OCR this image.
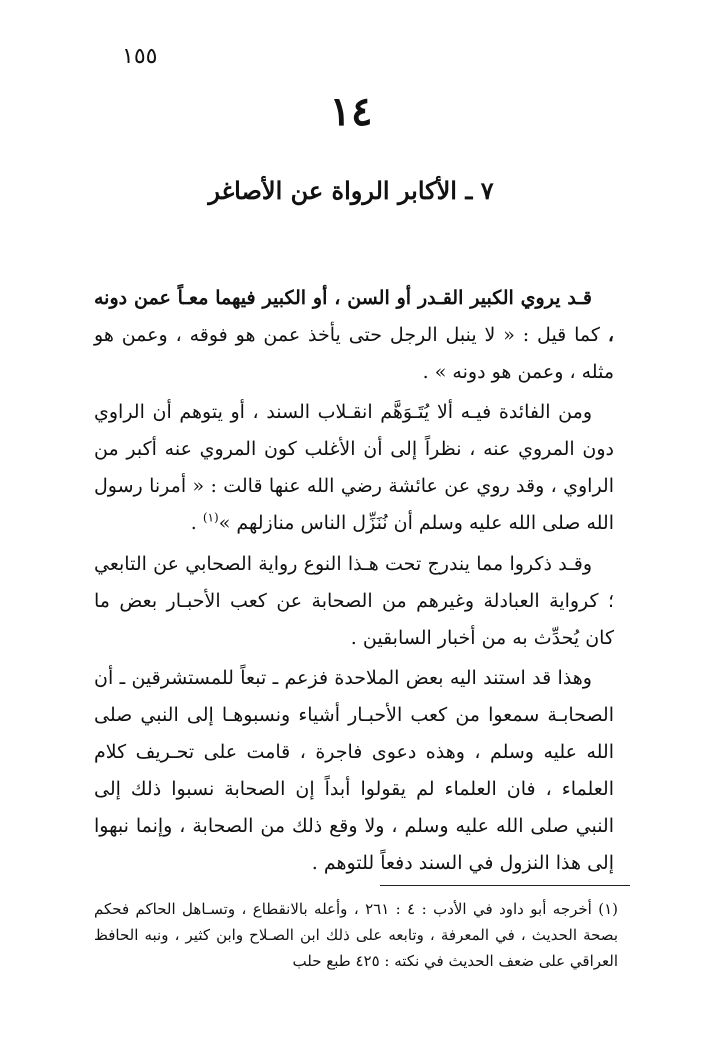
١٥٥
١٤
٧ ـ الأكابر الرواة عن الأصاغر

قـد يروي الكبير القـدر أو السن ، أو الكبير فيهما معـاً عمن دونه ، كما قيل : « لا ينبل الرجل حتى يأخذ عمن هو فوقه ، وعمن هو مثله ، وعمن هو دونه » .

ومن الفائدة فيـه ألا يُتَـوَهَّم انقـلاب السند ، أو يتوهم أن الراوي دون المروي عنه ، نظراً إلى أن الأغلب كون المروي عنه أكبر من الراوي ، وقد روي عن عائشة رضي الله عنها قالت : « أمرنا رسول الله صلى الله عليه وسلم أن نُنَزِّل الناس منازلهم »$^{(١)}$ .

وقـد ذكروا مما يندرج تحت هـذا النوع رواية الصحابي عن التابعي ؛ كرواية العبادلة وغيرهم من الصحابة عن كعب الأحبـار بعض ما كان يُحدِّث به من أخبار السابقين .

وهذا قد استند اليه بعض الملاحدة فزعم ـ تبعاً للمستشرقين ـ أن الصحابـة سمعوا من كعب الأحبـار أشياء ونسبوهـا إلى النبي صلى الله عليه وسلم ، وهذه دعوى فاجرة ، قامت على تحـريف كلام العلماء ، فان العلماء لم يقولوا أبداً إن الصحابة نسبوا ذلك إلى النبي صلى الله عليه وسلم ، ولا وقع ذلك من الصحابة ، وإنما نبهوا إلى هذا النزول في السند دفعاً للتوهم .

(١) أخرجه أبو داود في الأدب : ٤ : ٢٦١ ، وأعله بالانقطاع ، وتسـاهل الحاكم فحكم بصحة الحديث ، في المعرفة ، وتابعه على ذلك ابن الصـلاح وابن كثير ، ونبه الحافظ العراقي على ضعف الحديث في نكته : ٤٢٥ طبع حلب
